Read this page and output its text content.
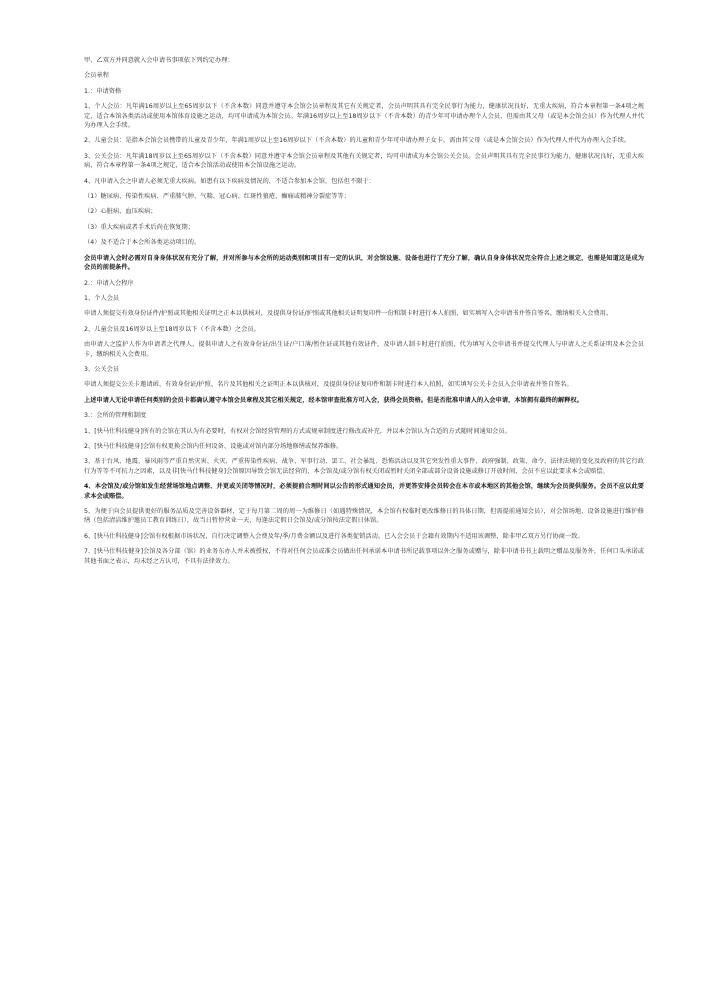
甲、乙双方并同意就入会申请书事项依下列约定办理：

会员章程

1.：申请资格

1、个人会员：凡年满16周岁以上至65周岁以下（不含本数）同意并遵守本会馆会员章程及其它有关规定者，会员声明其具有完全民事行为能力，健康状况良好，无重大疾病，符合本章程第一条4项之规定，适合本馆各类活动或使用本馆体育设施之运动，均可申请成为本馆会员。年满16周岁以上至18周岁以下（不含本数）的青少年可申请办理个人会员，但需由其父母（或是本会馆会员）作为代理人并代为办理入会手续。

2、儿童会员：是指本会馆会员携带的儿童及青少年，年满1周岁以上至16周岁以下（不含本数）的儿童和青少年可申请办理子女卡，需由其父母（或是本会馆会员）作为代理人并代为办理入会手续。

3、公关会员：凡年满18周岁以上至65周岁以下（不含本数）同意并遵守本会馆会员章程及其他有关规定者，均可申请成为本会馆公关会员。会员声明其具有完全民事行为能力，健康状况良好，无重大疾病，符合本章程第一条4项之规定，适合本会馆活动或使用本会馆设施之运动。

4、凡申请入会之申请人必须无重大疾病。如患有以下疾病及情况的，不适合参加本会馆，包括但不限于：

（1）糖尿病、传染性疾病、严重肺气肿、气喘、冠心病、红斑性狼疮、癫痫或精神分裂症等等；

（2）心脏病、血压疾病；

（3）重大疾病或者手术后尚在恢复期；

（4）及不适合于本会所各类运动项目的。

会员申请入会时必需对自身身体状况有充分了解，并对所参与本会所的运动类别和项目有一定的认识，对会馆设施、设备也进行了充分了解，确认自身身体状况完全符合上述之规定，也需是知道这是成为会员的前提条件。

2.：申请入会程序

1、个人会员

申请人须提交有效身份证件/护照或其他相关证明之正本以供核对，及提供身份证/护照或其他相关证明复印件一份和制卡时进行本人拍照，如实填写入会申请书并签自签名，缴纳相关入会费用。

2、儿童会员及16周岁以上至18周岁以下（不含本数）之会员。

由申请人之监护人作为申请者之代理人，提供申请人之有效身份证/出生证/户口薄/暂住证或其他有效证件，及申请人制卡时进行拍照，代为填写入会申请书并提交代理人与申请人之关系证明及本会会员卡，缴纳相关入会费用。

3、公关会员

申请人须提交公关卡邀请函、有效身份证/护照、名片及其他相关之证明正本以供核对，及提供身份证复印件和制卡时进行本人拍照，如实填写公关卡会员入会申请表并签自签名。

上述申请人无论申请任何类别的会员卡都确认遵守本馆会员章程及其它相关规定，经本馆审查批准方可入会，获得会员资格。但是否批准申请人的入会申请，本馆拥有最终的解释权。

3.：会所的管理和制度

1、[快马仕科技健身]所有的会馆在其认为有必要时，有权对会馆经营管理的方式或规章制度进行修改或补充，并以本会馆认为合适的方式随时间通知会员。

2、[快马仕科技健身]会馆有权更换会馆内任何设备、设施或对馆内部分场地修缮或保养维修。

3、基于台风、地震、暴风雨等严重自然灾害、火灾、严重传染性疾病、战争、军事行动、罢工、社会暴乱、恐怖活动以及其它突发性重大事件、政府强制、政策、命令、法律法规的变化及政府的其它行政行为等等不可抗力之因素，以及非[快马仕科技健身]会馆原因导致会馆无法经营的，本会馆及/或分馆有权关闭或暂时关闭全部或部分设备设施或修订开放时间，会员不应以此要求本会或赔偿。

4、本会馆及/或分馆如发生经营场馆地点调整、并更或关闭等情况时，必须提前合理时间以公告的形式通知会员，并更答安排会员转会在本市或本地区的其他会馆，继续为会员提供服务。会员不应以此要求本会或赔偿。

5、为便于向会员提供更好的服务品质及完善设备器材，定于每月第二周的周一为维修日（如遇特殊情况，本会馆有权临时更改维修日的具体日期，但需提前通知会员），对会馆场地、设备设施进行维护修缮（包括清洁维护邀员工教育训练日），故当日暂停营业一天，每逢法定假日会馆及/或分馆按法定假日休馆。

6、[快马仕科技健身]会馆有权根据市场状况，自行决定调整入会费及年/季/月费金额以及进行各类促销活动。已入会会员于会籍有效期内不适用该调整，除非甲乙双方另行协商一致。

7、[快马仕科技健身]会馆及各分部（馆）的业务东办人并未被授权，不得对任何会员或准会员做出任何承诺本申请书所记载事项以外之服务或赠与，除非申请书书上载明之赠品及服务外，任何口头承诺或其他书面之表示，均未经之方认可，不具有法律效力。
